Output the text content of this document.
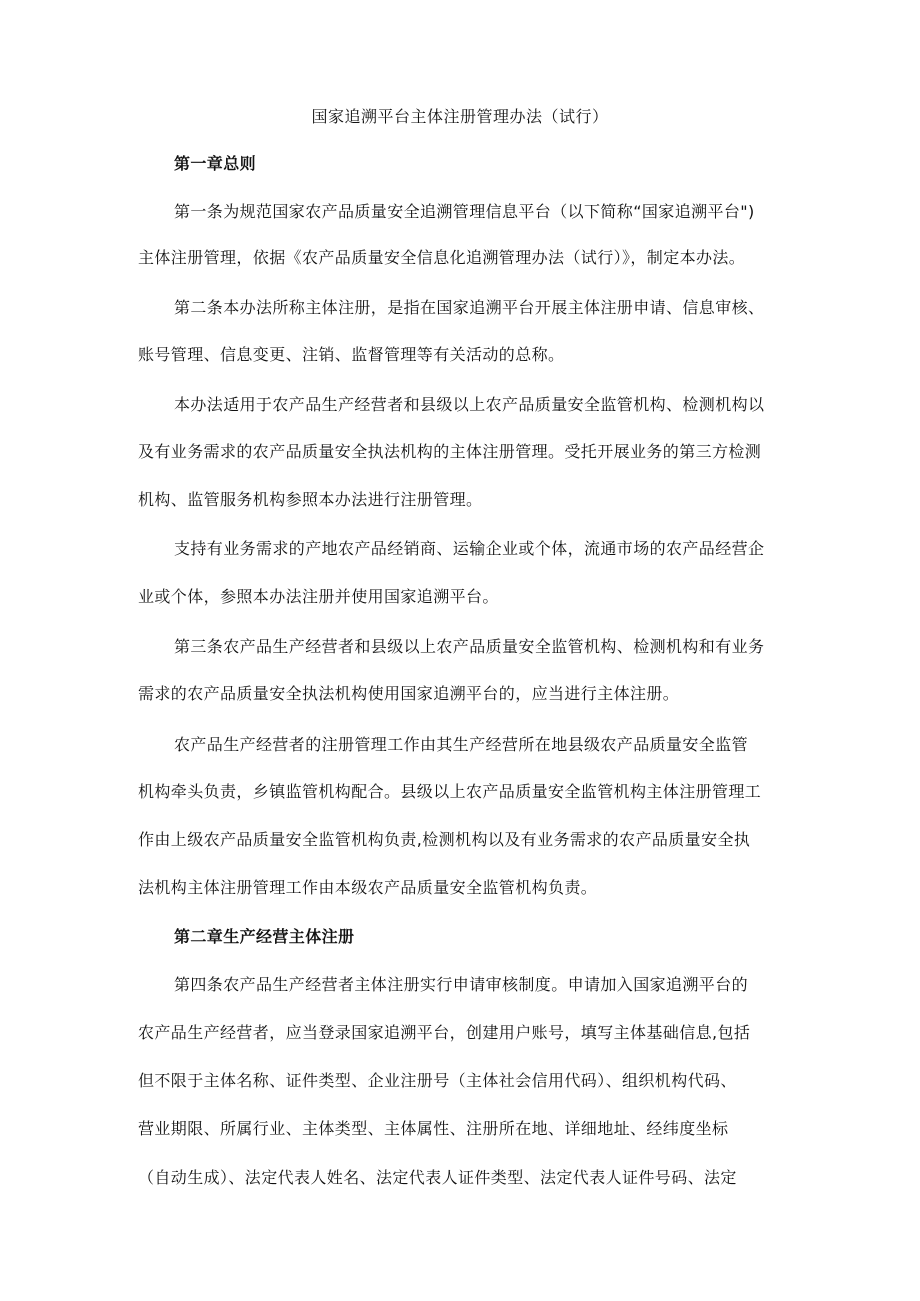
国家追溯平台主体注册管理办法（试行）
第一章总则
第一条为规范国家农产品质量安全追溯管理信息平台（以下简称“国家追溯平台")
主体注册管理，依据《农产品质量安全信息化追溯管理办法（试行）》，制定本办法。
第二条本办法所称主体注册，是指在国家追溯平台开展主体注册申请、信息审核、
账号管理、信息变更、注销、监督管理等有关活动的总称。
本办法适用于农产品生产经营者和县级以上农产品质量安全监管机构、检测机构以
及有业务需求的农产品质量安全执法机构的主体注册管理。受托开展业务的第三方检测
机构、监管服务机构参照本办法进行注册管理。
支持有业务需求的产地农产品经销商、运输企业或个体，流通市场的农产品经营企
业或个体，参照本办法注册并使用国家追溯平台。
第三条农产品生产经营者和县级以上农产品质量安全监管机构、检测机构和有业务
需求的农产品质量安全执法机构使用国家追溯平台的，应当进行主体注册。
农产品生产经营者的注册管理工作由其生产经营所在地县级农产品质量安全监管
机构牵头负责，乡镇监管机构配合。县级以上农产品质量安全监管机构主体注册管理工
作由上级农产品质量安全监管机构负责,检测机构以及有业务需求的农产品质量安全执
法机构主体注册管理工作由本级农产品质量安全监管机构负责。
第二章生产经营主体注册
第四条农产品生产经营者主体注册实行申请审核制度。申请加入国家追溯平台的
农产品生产经营者，应当登录国家追溯平台，创建用户账号，填写主体基础信息,包括
但不限于主体名称、证件类型、企业注册号（主体社会信用代码）、组织机构代码、
营业期限、所属行业、主体类型、主体属性、注册所在地、详细地址、经纬度坐标
（自动生成）、法定代表人姓名、法定代表人证件类型、法定代表人证件号码、法定
